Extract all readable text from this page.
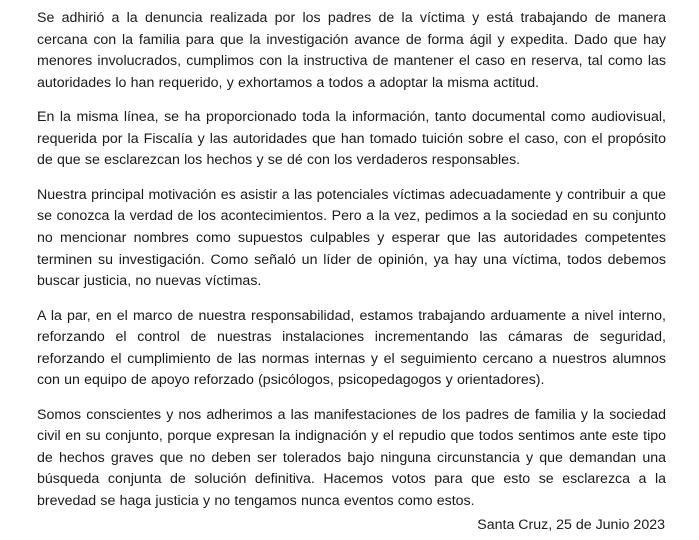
Se adhirió a la denuncia realizada por los padres de la víctima y está trabajando de manera cercana con la familia para que la investigación avance de forma ágil y expedita. Dado que hay menores involucrados, cumplimos con la instructiva de mantener el caso en reserva, tal como las autoridades lo han requerido, y exhortamos a todos a adoptar la misma actitud.

En la misma línea, se ha proporcionado toda la información, tanto documental como audiovisual, requerida por la Fiscalía y las autoridades que han tomado tuición sobre el caso, con el propósito de que se esclarezcan los hechos y se dé con los verdaderos responsables.

Nuestra principal motivación es asistir a las potenciales víctimas adecuadamente y contribuir a que se conozca la verdad de los acontecimientos. Pero a la vez, pedimos a la sociedad en su conjunto no mencionar nombres como supuestos culpables y esperar que las autoridades competentes terminen su investigación. Como señaló un líder de opinión, ya hay una víctima, todos debemos buscar justicia, no nuevas víctimas.

A la par, en el marco de nuestra responsabilidad, estamos trabajando arduamente a nivel interno, reforzando el control de nuestras instalaciones incrementando las cámaras de seguridad, reforzando el cumplimiento de las normas internas y el seguimiento cercano a nuestros alumnos con un equipo de apoyo reforzado (psicólogos, psicopedagogos y orientadores).

Somos conscientes y nos adherimos a las manifestaciones de los padres de familia y la sociedad civil en su conjunto, porque expresan la indignación y el repudio que todos sentimos ante este tipo de hechos graves que no deben ser tolerados bajo ninguna circunstancia y que demandan una búsqueda conjunta de solución definitiva. Hacemos votos para que esto se esclarezca a la brevedad se haga justicia y no tengamos nunca eventos como estos.

Santa Cruz, 25 de Junio 2023
